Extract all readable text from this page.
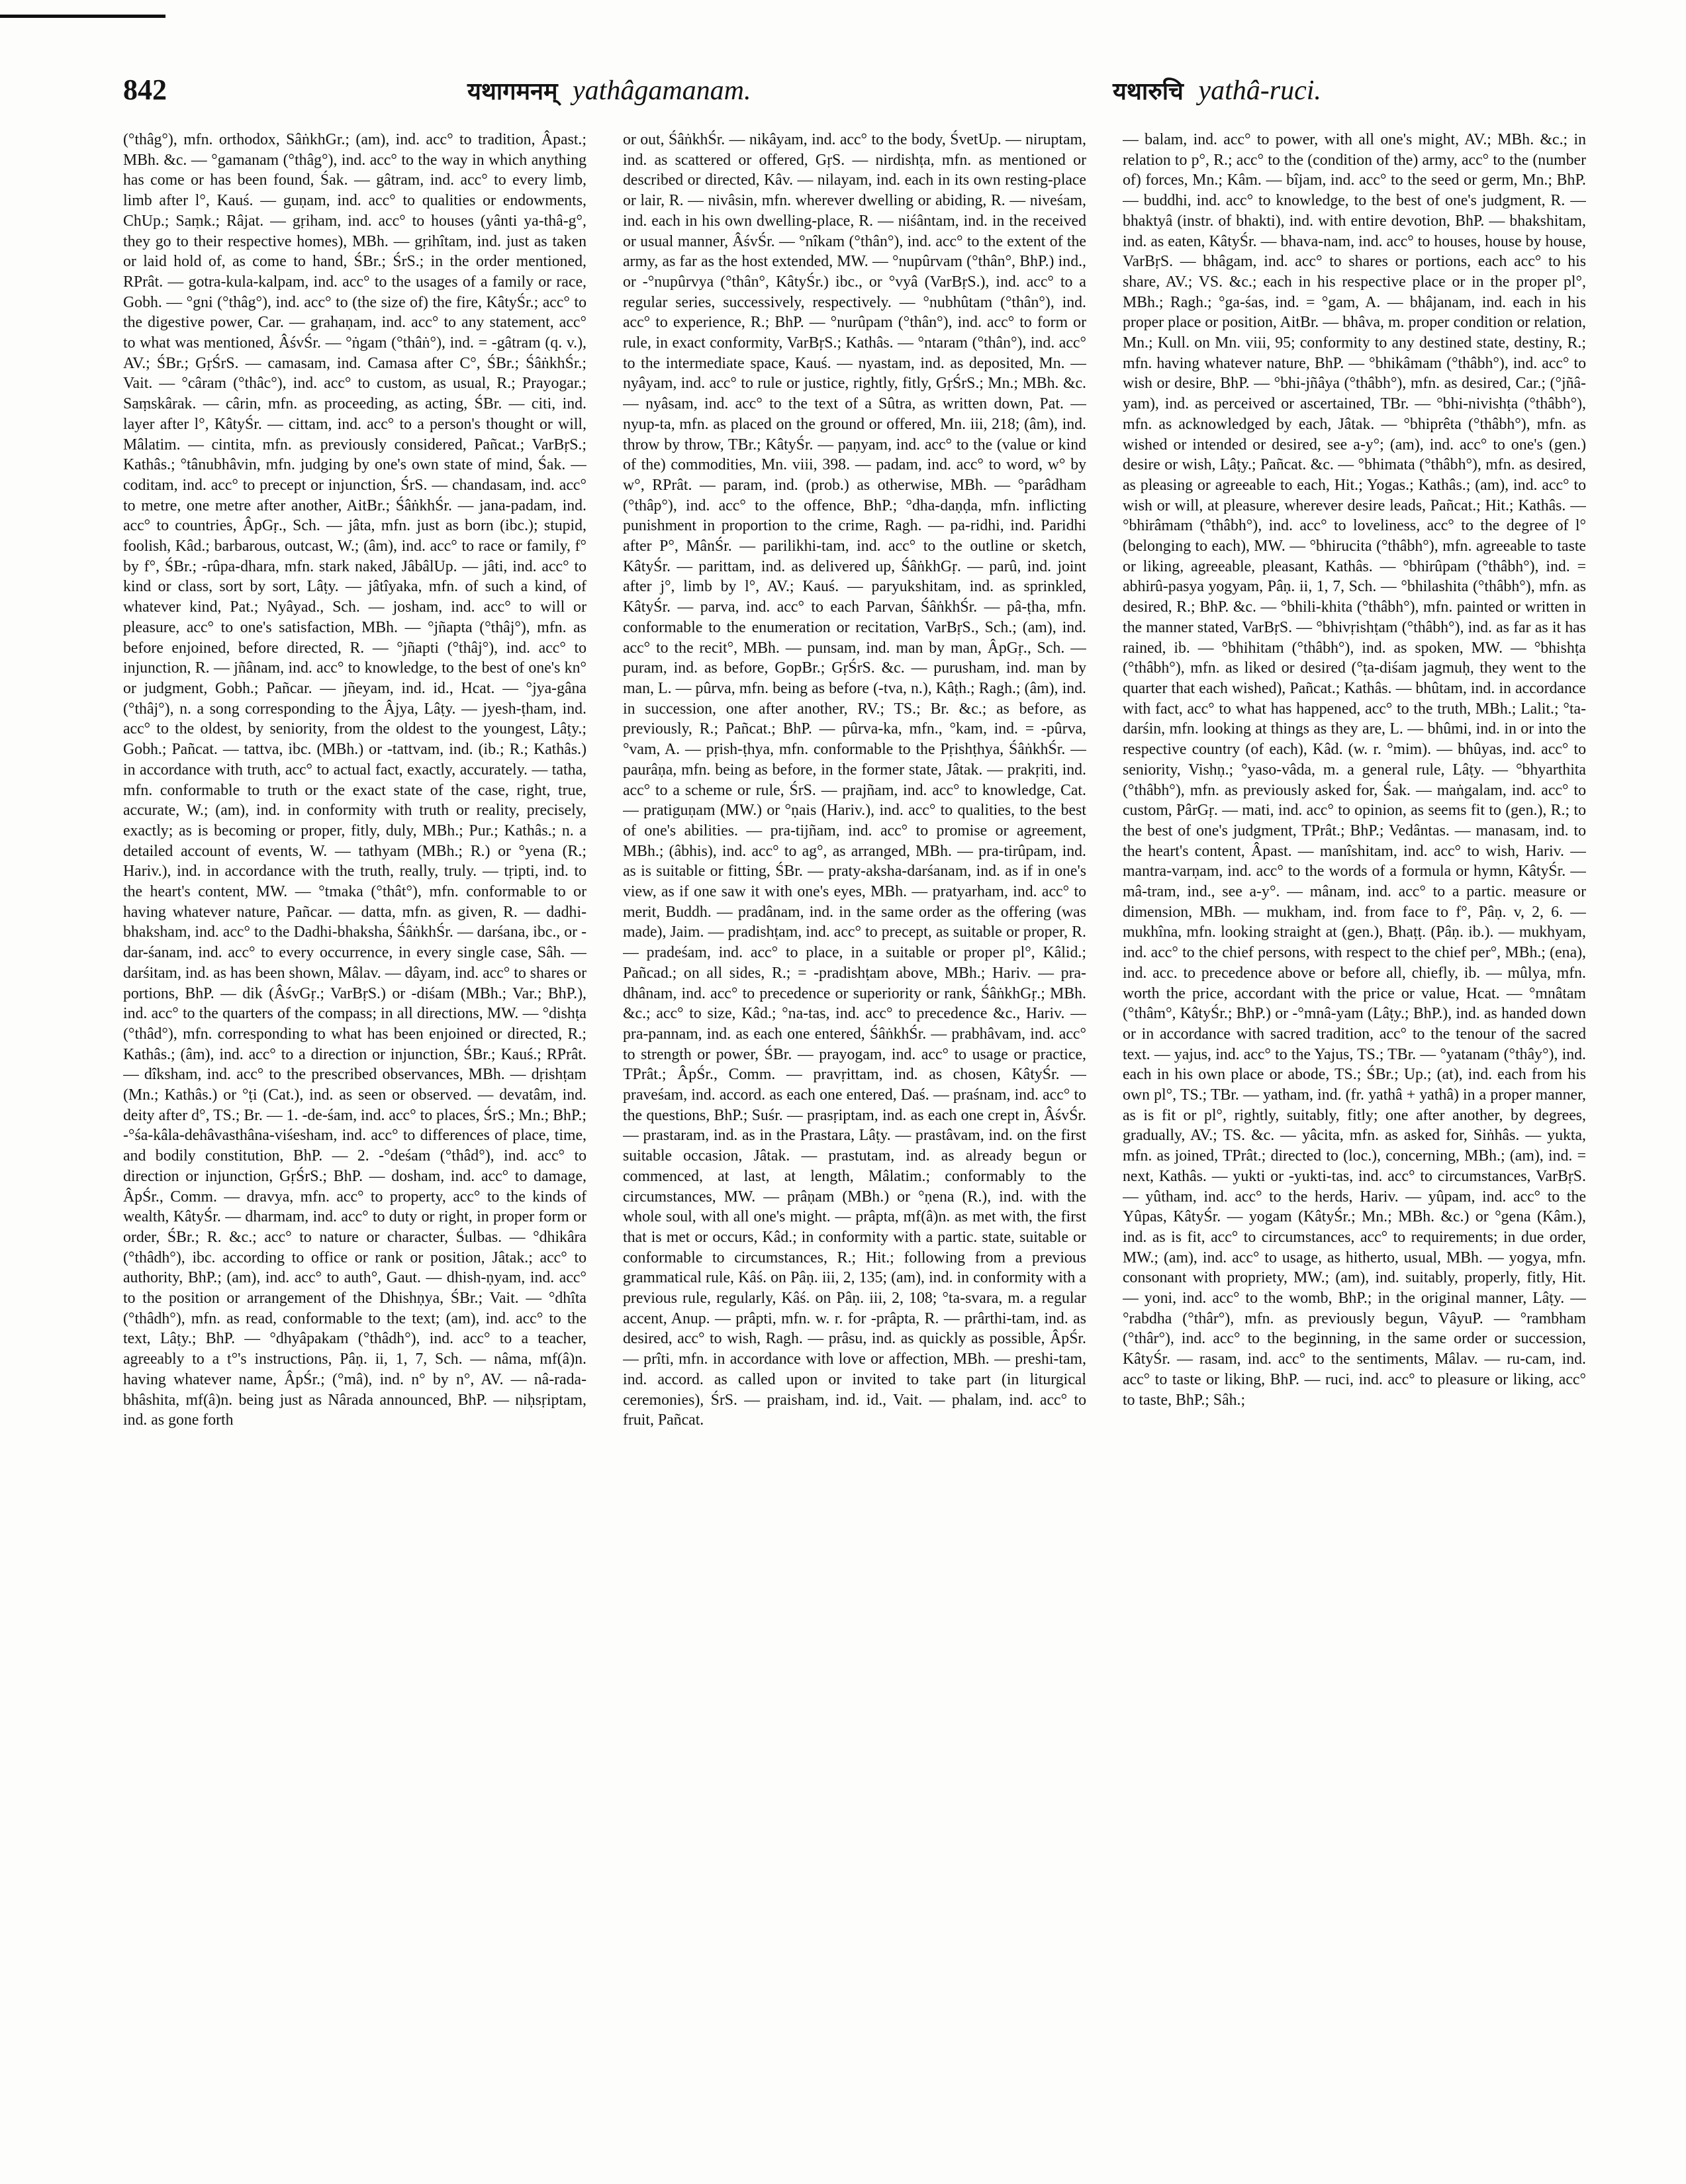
842	यथागमनम् yathâgamanam.	यथारुचि yathâ-ruci.

(°thâg°), mfn. orthodox, SâṅkhGr.; (am), ind. acc° to tradition, Âpast.; MBh. &c. — °gamanam (°thâg°), ind. acc° to the way in which anything has come or has been found, Śak. — gâtram, ind. acc° to every limb, limb after l°, Kauś. — guṇam, ind. acc° to qualities or endowments, ChUp.; Saṃk.; Râjat. — gṛiham, ind. acc° to houses (yânti ya-thâ-g°, they go to their respective homes), MBh. — gṛihîtam, ind. just as taken or laid hold of, as come to hand, ŚBr.; ŚrS.; in the order mentioned, RPrât. — gotra-kula-kalpam, ind. acc° to the usages of a family or race, Gobh. — °gni (°thâg°), ind. acc° to (the size of) the fire, KâtyŚr.; acc° to the digestive power, Car. — grahaṇam, ind. acc° to any statement, acc° to what was mentioned, ÂśvŚr. — °ṅgam (°thâṅ°), ind. = -gâtram (q. v.), AV.; ŚBr.; GṛŚrS. — camasam, ind. Camasa after C°, ŚBr.; ŚâṅkhŚr.; Vait. — °câram (°thâc°), ind. acc° to custom, as usual, R.; Prayogar.; Saṃskârak. — cârin, mfn. as proceeding, as acting, ŚBr. — citi, ind. layer after l°, KâtyŚr. — cittam, ind. acc° to a person's thought or will, Mâlatim. — cintita, mfn. as previously considered, Pañcat.; VarBṛS.; Kathâs.; °tânubhâvin, mfn. judging by one's own state of mind, Śak. — coditam, ind. acc° to precept or injunction, ŚrS. — chandasam, ind. acc° to metre, one metre after another, AitBr.; ŚâṅkhŚr. — jana-padam, ind. acc° to countries, ÂpGṛ., Sch. — jâta, mfn. just as born (ibc.); stupid, foolish, Kâd.; barbarous, outcast, W.; (âm), ind. acc° to race or family, f° by f°, ŚBr.; -rûpa-dhara, mfn. stark naked, JâbâlUp. — jâti, ind. acc° to kind or class, sort by sort, Lâṭy. — jâtîyaka, mfn. of such a kind, of whatever kind, Pat.; Nyâyad., Sch. — josham, ind. acc° to will or pleasure, acc° to one's satisfaction, MBh. — °jñapta (°thâj°), mfn. as before enjoined, before directed, R. — °jñapti (°thâj°), ind. acc° to injunction, R. — jñânam, ind. acc° to knowledge, to the best of one's kn° or judgment, Gobh.; Pañcar. — jñeyam, ind. id., Hcat. — °jya-gâna (°thâj°), n. a song corresponding to the Âjya, Lâṭy. — jyesh-ṭham, ind. acc° to the oldest, by seniority, from the oldest to the youngest, Lâṭy.; Gobh.; Pañcat. — tattva, ibc. (MBh.) or -tattvam, ind. (ib.; R.; Kathâs.) in accordance with truth, acc° to actual fact, exactly, accurately. — tatha, mfn. conformable to truth or the exact state of the case, right, true, accurate, W.; (am), ind. in conformity with truth or reality, precisely, exactly; as is becoming or proper, fitly, duly, MBh.; Pur.; Kathâs.; n. a detailed account of events, W. — tathyam (MBh.; R.) or °yena (R.; Hariv.), ind. in accordance with the truth, really, truly. — tṛipti, ind. to the heart's content, MW. — °tmaka (°thât°), mfn. conformable to or having whatever nature, Pañcar. — datta, mfn. as given, R. — dadhi-bhaksham, ind. acc° to the Dadhi-bhaksha, ŚâṅkhŚr. — darśana, ibc., or -dar-śanam, ind. acc° to every occurrence, in every single case, Sâh. — darśitam, ind. as has been shown, Mâlav. — dâyam, ind. acc° to shares or portions, BhP. — dik (ÂśvGṛ.; VarBṛS.) or -diśam (MBh.; Var.; BhP.), ind. acc° to the quarters of the compass; in all directions, MW. — °dishṭa (°thâd°), mfn. corresponding to what has been enjoined or directed, R.; Kathâs.; (âm), ind. acc° to a direction or injunction, ŚBr.; Kauś.; RPrât. — dîksham, ind. acc° to the prescribed observances, MBh. — dṛishṭam (Mn.; Kathâs.) or °ṭi (Cat.), ind. as seen or observed. — devatâm, ind. deity after d°, TS.; Br. — 1. -de-śam, ind. acc° to places, ŚrS.; Mn.; BhP.; -°śa-kâla-dehâvasthâna-viśesham, ind. acc° to differences of place, time, and bodily constitution, BhP. — 2. -°deśam (°thâd°), ind. acc° to direction or injunction, GṛŚrS.; BhP. — dosham, ind. acc° to damage, ÂpŚr., Comm. — dravya, mfn. acc° to property, acc° to the kinds of wealth, KâtyŚr. — dharmam, ind. acc° to duty or right, in proper form or order, ŚBr.; R. &c.; acc° to nature or character, Śulbas. — °dhikâra (°thâdh°), ibc. according to office or rank or position, Jâtak.; acc° to authority, BhP.; (am), ind. acc° to auth°, Gaut. — dhish-ṇyam, ind. acc° to the position or arrangement of the Dhishṇya, ŚBr.; Vait. — °dhîta (°thâdh°), mfn. as read, conformable to the text; (am), ind. acc° to the text, Lâṭy.; BhP. — °dhyâpakam (°thâdh°), ind. acc° to a teacher, agreeably to a t°'s instructions, Pâṇ. ii, 1, 7, Sch. — nâma, mf(â)n. having whatever name, ÂpŚr.; (°mâ), ind. n° by n°, AV. — nâ-rada-bhâshita, mf(â)n. being just as Nârada announced, BhP. — niḥsṛiptam, ind. as gone forth

or out, ŚâṅkhŚr. — nikâyam, ind. acc° to the body, ŚvetUp. — niruptam, ind. as scattered or offered, GṛS. — nirdishṭa, mfn. as mentioned or described or directed, Kâv. — nilayam, ind. each in its own resting-place or lair, R. — nivâsin, mfn. wherever dwelling or abiding, R. — niveśam, ind. each in his own dwelling-place, R. — niśântam, ind. in the received or usual manner, ÂśvŚr. — °nîkam (°thân°), ind. acc° to the extent of the army, as far as the host extended, MW. — °nupûrvam (°thân°, BhP.) ind., or -°nupûrvya (°thân°, KâtyŚr.) ibc., or °vyâ (VarBṛS.), ind. acc° to a regular series, successively, respectively. — °nubhûtam (°thân°), ind. acc° to experience, R.; BhP. — °nurûpam (°thân°), ind. acc° to form or rule, in exact conformity, VarBṛS.; Kathâs. — °ntaram (°thân°), ind. acc° to the intermediate space, Kauś. — nyastam, ind. as deposited, Mn. — nyâyam, ind. acc° to rule or justice, rightly, fitly, GṛŚrS.; Mn.; MBh. &c. — nyâsam, ind. acc° to the text of a Sûtra, as written down, Pat. — nyup-ta, mfn. as placed on the ground or offered, Mn. iii, 218; (âm), ind. throw by throw, TBr.; KâtyŚr. — paṇyam, ind. acc° to the (value or kind of the) commodities, Mn. viii, 398. — padam, ind. acc° to word, w° by w°, RPrât. — param, ind. (prob.) as otherwise, MBh. — °parâdham (°thâp°), ind. acc° to the offence, BhP.; °dha-daṇḍa, mfn. inflicting punishment in proportion to the crime, Ragh. — pa-ridhi, ind. Paridhi after P°, MânŚr. — parilikhi-tam, ind. acc° to the outline or sketch, KâtyŚr. — parittam, ind. as delivered up, ŚâṅkhGṛ. — parû, ind. joint after j°, limb by l°, AV.; Kauś. — paryukshitam, ind. as sprinkled, KâtyŚr. — parva, ind. acc° to each Parvan, ŚâṅkhŚr. — pâ-ṭha, mfn. conformable to the enumeration or recitation, VarBṛS., Sch.; (am), ind. acc° to the recit°, MBh. — punsam, ind. man by man, ÂpGṛ., Sch. — puram, ind. as before, GopBr.; GṛŚrS. &c. — purusham, ind. man by man, L. — pûrva, mfn. being as before (-tva, n.), Kâṭh.; Ragh.; (âm), ind. in succession, one after another, RV.; TS.; Br. &c.; as before, as previously, R.; Pañcat.; BhP. — pûrva-ka, mfn., °kam, ind. = -pûrva, °vam, A. — pṛish-ṭhya, mfn. conformable to the Pṛishṭhya, ŚâṅkhŚr. — paurâṇa, mfn. being as before, in the former state, Jâtak. — prakṛiti, ind. acc° to a scheme or rule, ŚrS. — prajñam, ind. acc° to knowledge, Cat. — pratiguṇam (MW.) or °ṇais (Hariv.), ind. acc° to qualities, to the best of one's abilities. — pra-tijñam, ind. acc° to promise or agreement, MBh.; (âbhis), ind. acc° to ag°, as arranged, MBh. — pra-tirûpam, ind. as is suitable or fitting, ŚBr. — praty-aksha-darśanam, ind. as if in one's view, as if one saw it with one's eyes, MBh. — pratyarham, ind. acc° to merit, Buddh. — pradânam, ind. in the same order as the offering (was made), Jaim. — pradishṭam, ind. acc° to precept, as suitable or proper, R. — pradeśam, ind. acc° to place, in a suitable or proper pl°, Kâlid.; Pañcad.; on all sides, R.; = -pradishṭam above, MBh.; Hariv. — pra-dhânam, ind. acc° to precedence or superiority or rank, ŚâṅkhGṛ.; MBh. &c.; acc° to size, Kâd.; °na-tas, ind. acc° to precedence &c., Hariv. — pra-pannam, ind. as each one entered, ŚâṅkhŚr. — prabhâvam, ind. acc° to strength or power, ŚBr. — prayogam, ind. acc° to usage or practice, TPrât.; ÂpŚr., Comm. — pravṛittam, ind. as chosen, KâtyŚr. — praveśam, ind. accord. as each one entered, Daś. — praśnam, ind. acc° to the questions, BhP.; Suśr. — prasṛiptam, ind. as each one crept in, ÂśvŚr. — prastaram, ind. as in the Prastara, Lâṭy. — prastâvam, ind. on the first suitable occasion, Jâtak. — prastutam, ind. as already begun or commenced, at last, at length, Mâlatim.; conformably to the circumstances, MW. — prâṇam (MBh.) or °ṇena (R.), ind. with the whole soul, with all one's might. — prâpta, mf(â)n. as met with, the first that is met or occurs, Kâd.; in conformity with a partic. state, suitable or conformable to circumstances, R.; Hit.; following from a previous grammatical rule, Kâś. on Pâṇ. iii, 2, 135; (am), ind. in conformity with a previous rule, regularly, Kâś. on Pâṇ. iii, 2, 108; °ta-svara, m. a regular accent, Anup. — prâpti, mfn. w. r. for -prâpta, R. — prârthi-tam, ind. as desired, acc° to wish, Ragh. — prâsu, ind. as quickly as possible, ÂpŚr. — prîti, mfn. in accordance with love or affection, MBh. — preshi-tam, ind. accord. as called upon or invited to take part (in liturgical ceremonies), ŚrS. — praisham, ind. id., Vait. — phalam, ind. acc° to fruit, Pañcat.

— balam, ind. acc° to power, with all one's might, AV.; MBh. &c.; in relation to p°, R.; acc° to the (condition of the) army, acc° to the (number of) forces, Mn.; Kâm. — bîjam, ind. acc° to the seed or germ, Mn.; BhP. — buddhi, ind. acc° to knowledge, to the best of one's judgment, R. — bhaktyâ (instr. of bhakti), ind. with entire devotion, BhP. — bhakshitam, ind. as eaten, KâtyŚr. — bhava-nam, ind. acc° to houses, house by house, VarBṛS. — bhâgam, ind. acc° to shares or portions, each acc° to his share, AV.; VS. &c.; each in his respective place or in the proper pl°, MBh.; Ragh.; °ga-śas, ind. = °gam, A. — bhâjanam, ind. each in his proper place or position, AitBr. — bhâva, m. proper condition or relation, Mn.; Kull. on Mn. viii, 95; conformity to any destined state, destiny, R.; mfn. having whatever nature, BhP. — °bhikâmam (°thâbh°), ind. acc° to wish or desire, BhP. — °bhi-jñâya (°thâbh°), mfn. as desired, Car.; (°jñâ-yam), ind. as perceived or ascertained, TBr. — °bhi-nivishṭa (°thâbh°), mfn. as acknowledged by each, Jâtak. — °bhiprêta (°thâbh°), mfn. as wished or intended or desired, see a-y°; (am), ind. acc° to one's (gen.) desire or wish, Lâṭy.; Pañcat. &c. — °bhimata (°thâbh°), mfn. as desired, as pleasing or agreeable to each, Hit.; Yogas.; Kathâs.; (am), ind. acc° to wish or will, at pleasure, wherever desire leads, Pañcat.; Hit.; Kathâs. — °bhirâmam (°thâbh°), ind. acc° to loveliness, acc° to the degree of l° (belonging to each), MW. — °bhirucita (°thâbh°), mfn. agreeable to taste or liking, agreeable, pleasant, Kathâs. — °bhirûpam (°thâbh°), ind. = abhirû-pasya yogyam, Pâṇ. ii, 1, 7, Sch. — °bhilashita (°thâbh°), mfn. as desired, R.; BhP. &c. — °bhili-khita (°thâbh°), mfn. painted or written in the manner stated, VarBṛS. — °bhivṛishṭam (°thâbh°), ind. as far as it has rained, ib. — °bhihitam (°thâbh°), ind. as spoken, MW. — °bhishṭa (°thâbh°), mfn. as liked or desired (°ṭa-diśam jagmuḥ, they went to the quarter that each wished), Pañcat.; Kathâs. — bhûtam, ind. in accordance with fact, acc° to what has happened, acc° to the truth, MBh.; Lalit.; °ta-darśin, mfn. looking at things as they are, L. — bhûmi, ind. in or into the respective country (of each), Kâd. (w. r. °mim). — bhûyas, ind. acc° to seniority, Vishṇ.; °yaso-vâda, m. a general rule, Lâṭy. — °bhyarthita (°thâbh°), mfn. as previously asked for, Śak. — maṅgalam, ind. acc° to custom, PârGṛ. — mati, ind. acc° to opinion, as seems fit to (gen.), R.; to the best of one's judgment, TPrât.; BhP.; Vedântas. — manasam, ind. to the heart's content, Âpast. — manîshitam, ind. acc° to wish, Hariv. — mantra-varṇam, ind. acc° to the words of a formula or hymn, KâtyŚr. — mâ-tram, ind., see a-y°. — mânam, ind. acc° to a partic. measure or dimension, MBh. — mukham, ind. from face to f°, Pâṇ. v, 2, 6. — mukhîna, mfn. looking straight at (gen.), Bhaṭṭ. (Pâṇ. ib.). — mukhyam, ind. acc° to the chief persons, with respect to the chief per°, MBh.; (ena), ind. acc. to precedence above or before all, chiefly, ib. — mûlya, mfn. worth the price, accordant with the price or value, Hcat. — °mnâtam (°thâm°, KâtyŚr.; BhP.) or -°mnâ-yam (Lâṭy.; BhP.), ind. as handed down or in accordance with sacred tradition, acc° to the tenour of the sacred text. — yajus, ind. acc° to the Yajus, TS.; TBr. — °yatanam (°thây°), ind. each in his own place or abode, TS.; ŚBr.; Up.; (at), ind. each from his own pl°, TS.; TBr. — yatham, ind. (fr. yathâ + yathâ) in a proper manner, as is fit or pl°, rightly, suitably, fitly; one after another, by degrees, gradually, AV.; TS. &c. — yâcita, mfn. as asked for, Siṅhâs. — yukta, mfn. as joined, TPrât.; directed to (loc.), concerning, MBh.; (am), ind. = next, Kathâs. — yukti or -yukti-tas, ind. acc° to circumstances, VarBṛS. — yûtham, ind. acc° to the herds, Hariv. — yûpam, ind. acc° to the Yûpas, KâtyŚr. — yogam (KâtyŚr.; Mn.; MBh. &c.) or °gena (Kâm.), ind. as is fit, acc° to circumstances, acc° to requirements; in due order, MW.; (am), ind. acc° to usage, as hitherto, usual, MBh. — yogya, mfn. consonant with propriety, MW.; (am), ind. suitably, properly, fitly, Hit. — yoni, ind. acc° to the womb, BhP.; in the original manner, Lâṭy. — °rabdha (°thâr°), mfn. as previously begun, VâyuP. — °rambham (°thâr°), ind. acc° to the beginning, in the same order or succession, KâtyŚr. — rasam, ind. acc° to the sentiments, Mâlav. — ru-cam, ind. acc° to taste or liking, BhP. — ruci, ind. acc° to pleasure or liking, acc° to taste, BhP.; Sâh.;
